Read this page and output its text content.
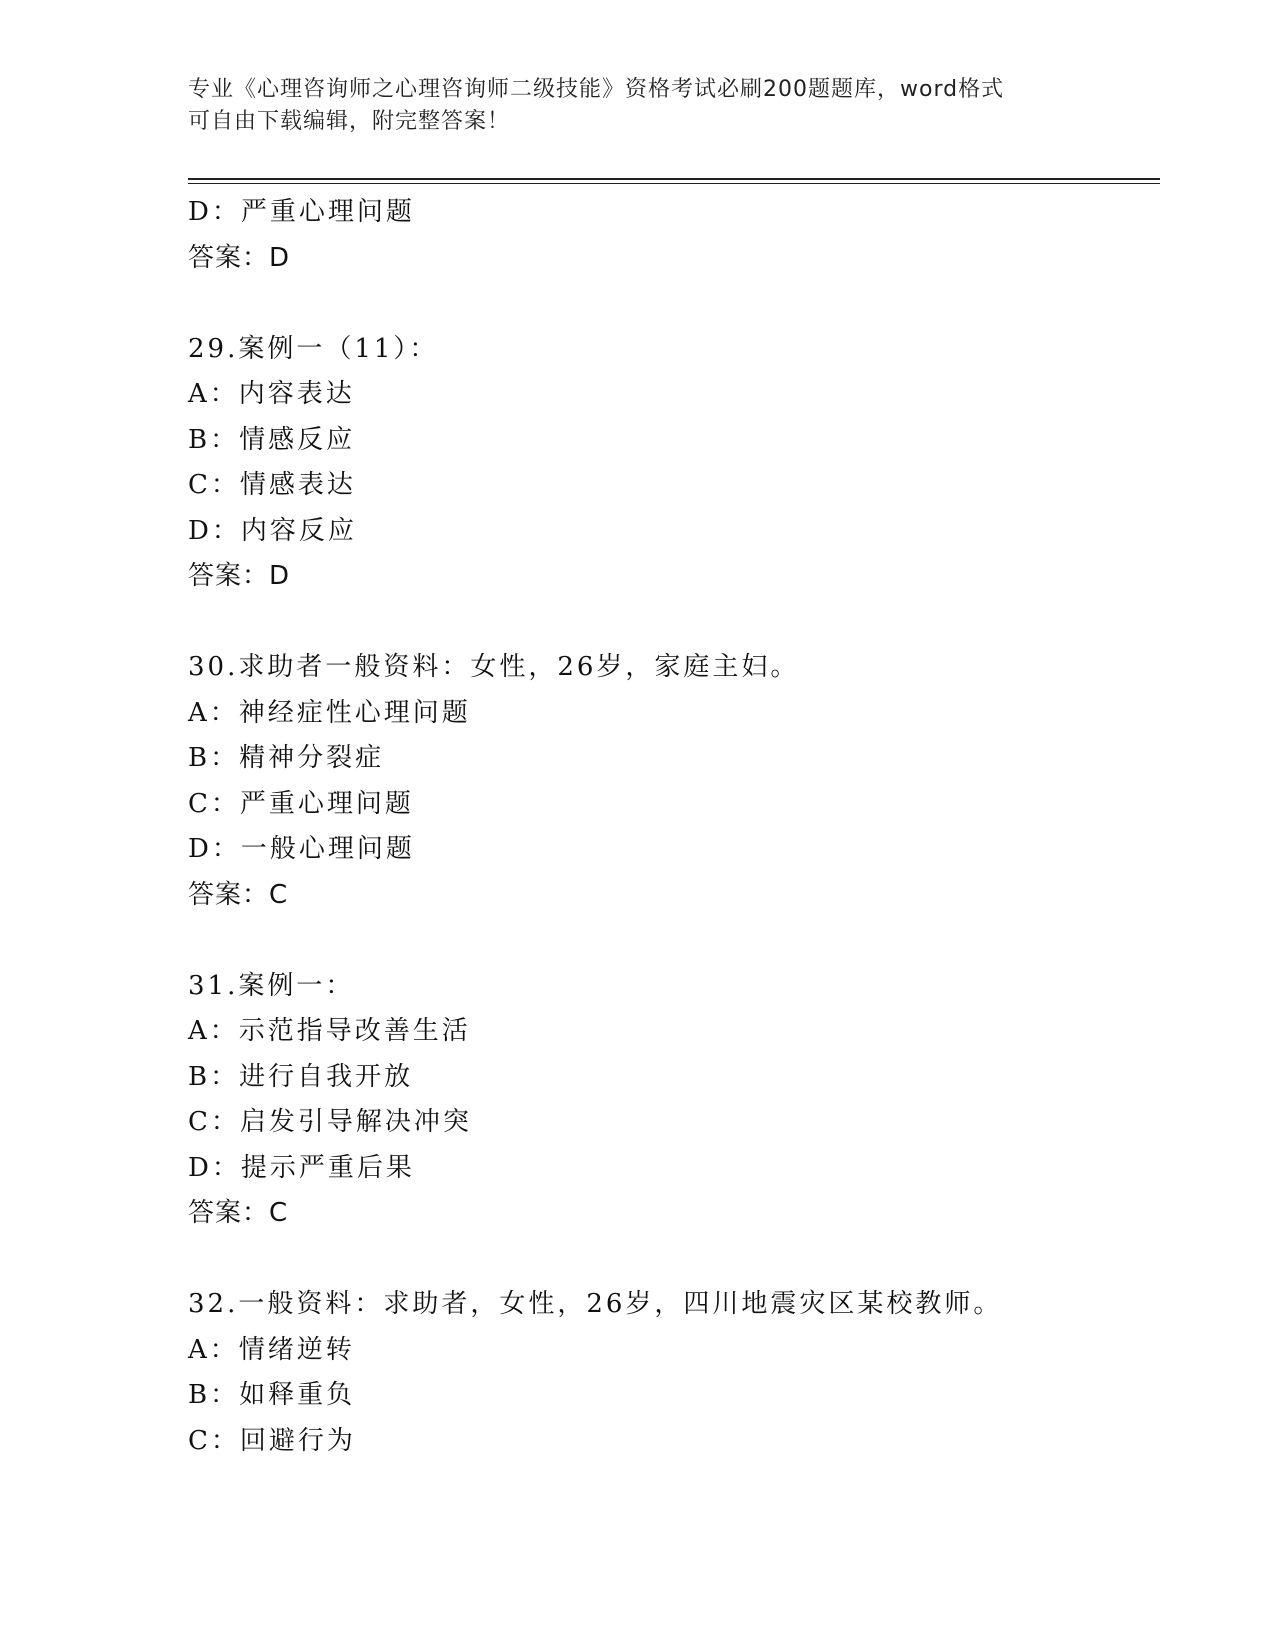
专业《心理咨询师之心理咨询师二级技能》资格考试必刷200题题库，word格式
可自由下载编辑，附完整答案！
D：严重心理问题
答案：D
29.案例一（11）：
A：内容表达
B：情感反应
C：情感表达
D：内容反应
答案：D
30.求助者一般资料：女性，26岁，家庭主妇。
A：神经症性心理问题
B：精神分裂症
C：严重心理问题
D：一般心理问题
答案：C
31.案例一：
A：示范指导改善生活
B：进行自我开放
C：启发引导解决冲突
D：提示严重后果
答案：C
32.一般资料：求助者，女性，26岁，四川地震灾区某校教师。
A：情绪逆转
B：如释重负
C：回避行为
